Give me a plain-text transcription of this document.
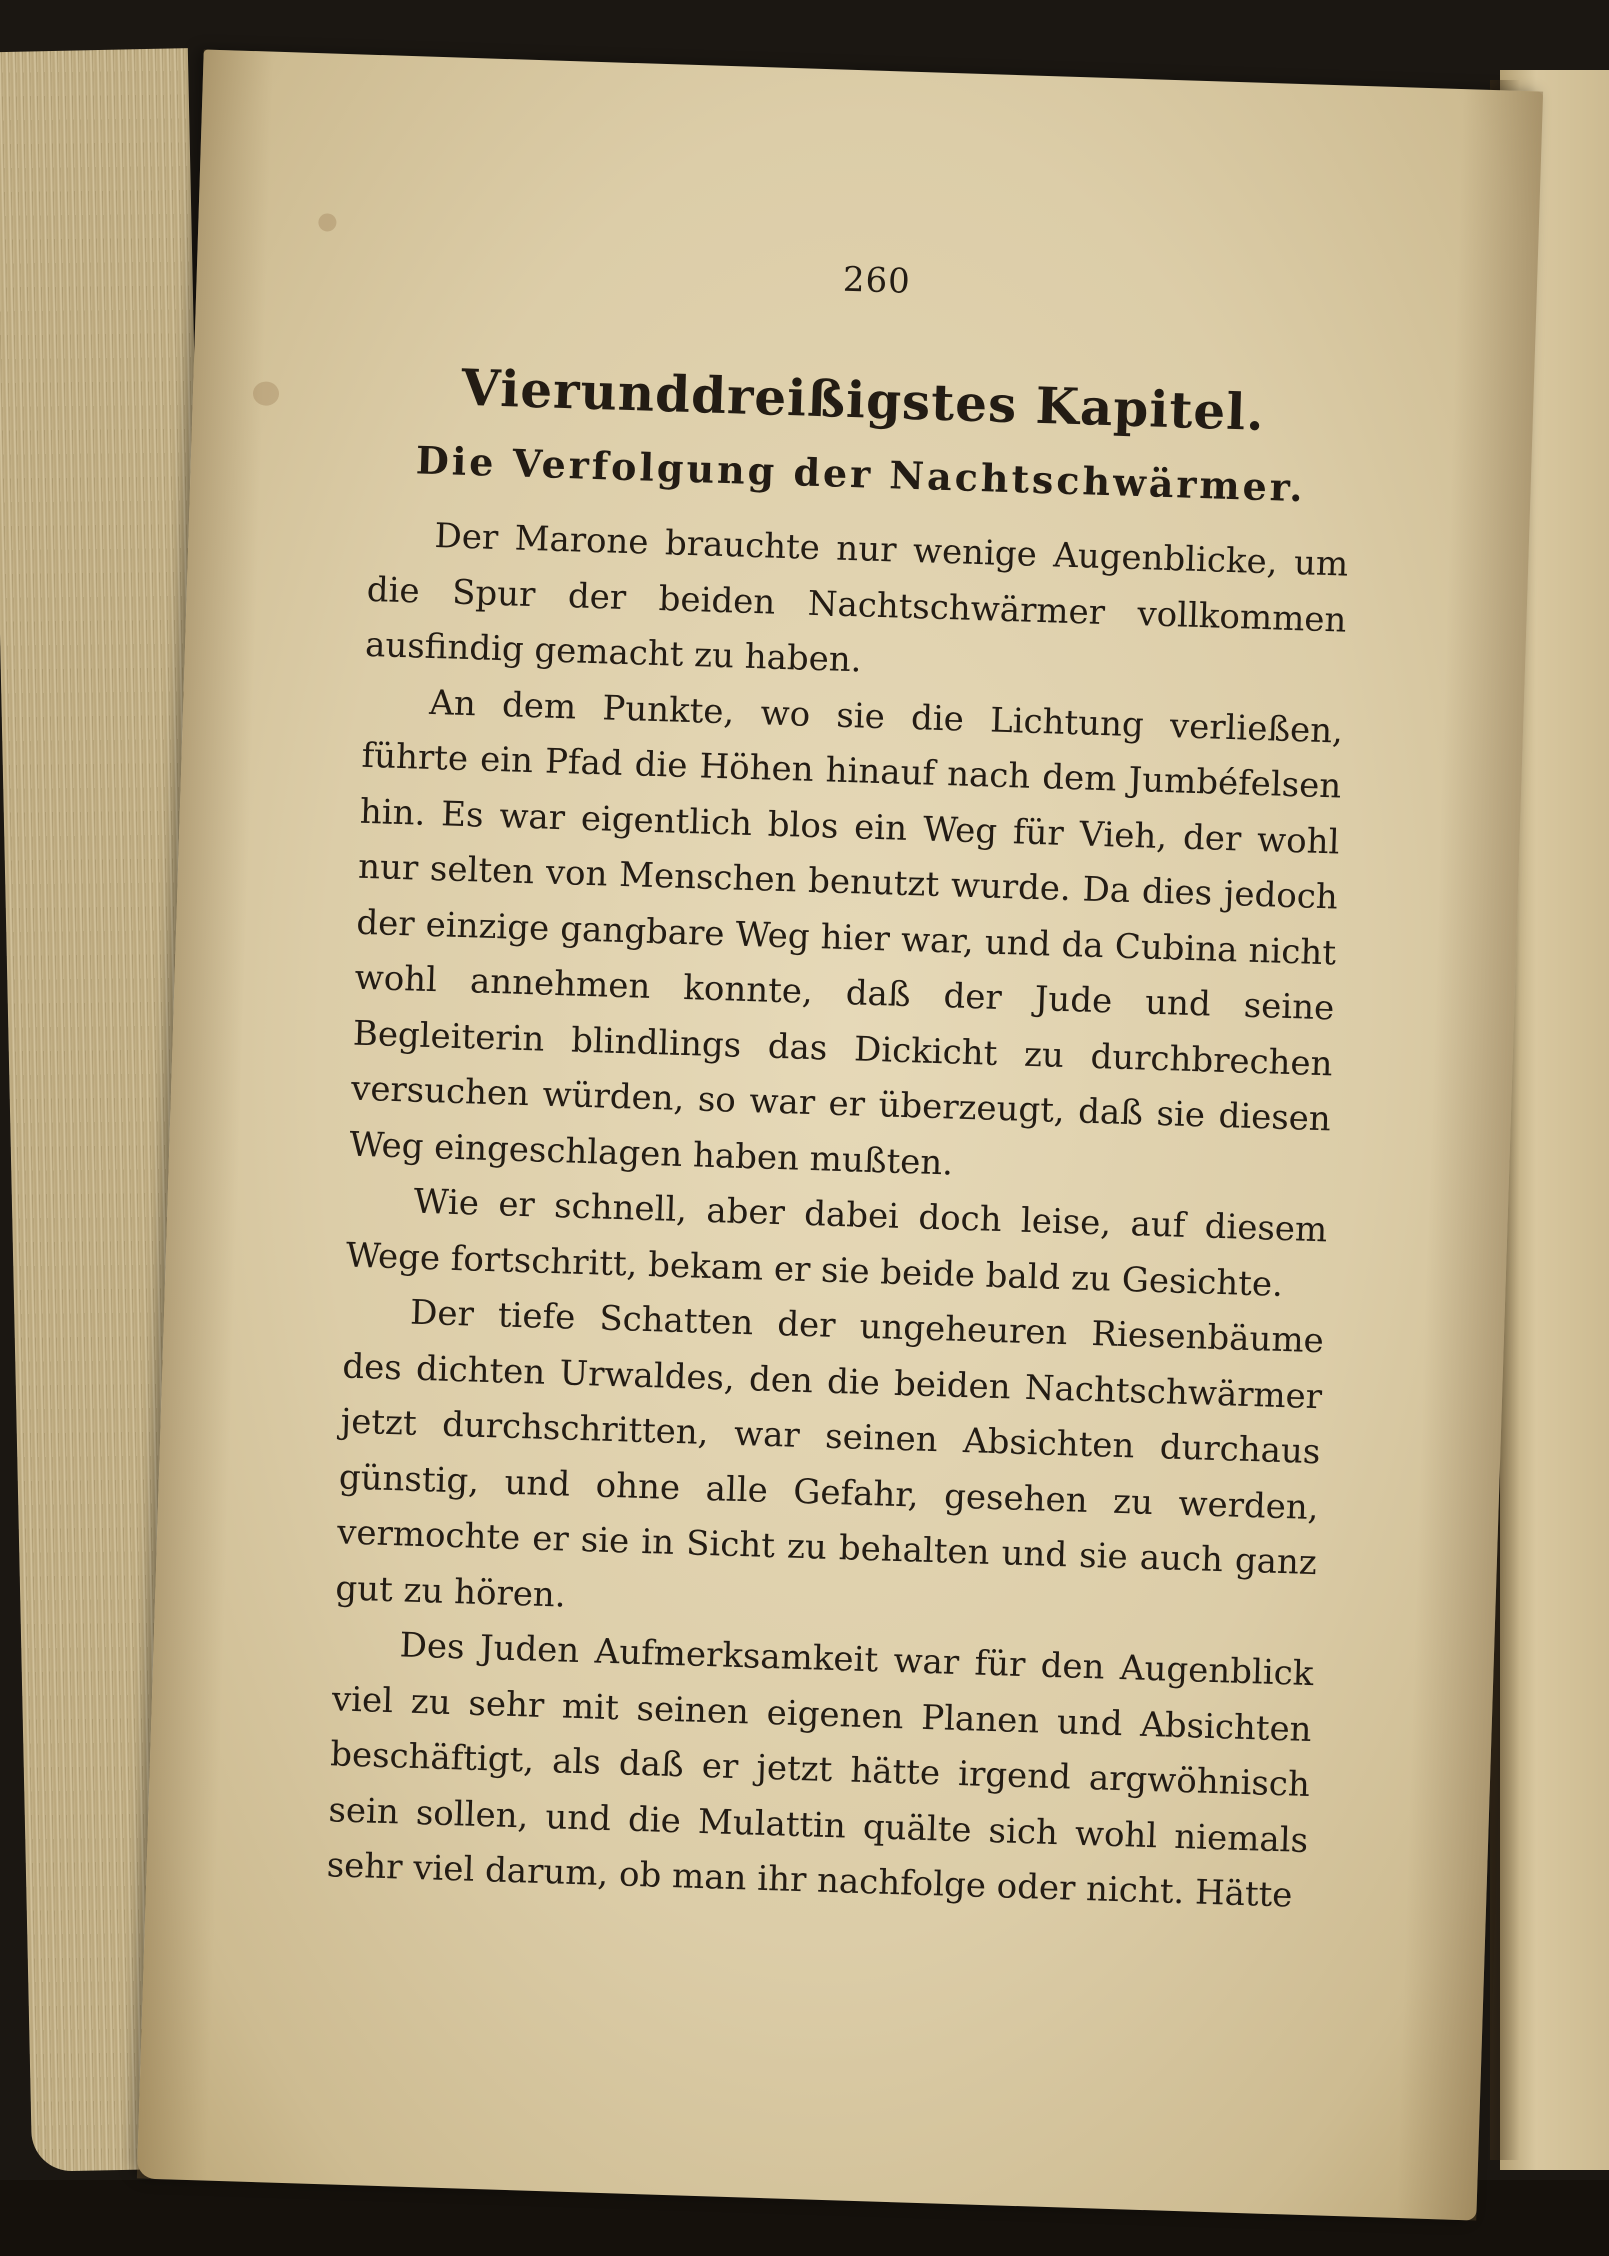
260
Vierunddreißigstes Kapitel.
Die Verfolgung der Nachtschwärmer.

Der Marone brauchte nur wenige Augenblicke, um die Spur der beiden Nachtschwärmer vollkommen ausfindig gemacht zu haben.

An dem Punkte, wo sie die Lichtung verließen, führte ein Pfad die Höhen hinauf nach dem Jumbéfelsen hin. Es war eigentlich blos ein Weg für Vieh, der wohl nur selten von Menschen benutzt wurde. Da dies jedoch der einzige gangbare Weg hier war, und da Cubina nicht wohl annehmen konnte, daß der Jude und seine Begleiterin blindlings das Dickicht zu durchbrechen versuchen würden, so war er überzeugt, daß sie diesen Weg eingeschlagen haben mußten.

Wie er schnell, aber dabei doch leise, auf diesem Wege fortschritt, bekam er sie beide bald zu Gesichte.

Der tiefe Schatten der ungeheuren Riesenbäume des dichten Urwaldes, den die beiden Nachtschwärmer jetzt durchschritten, war seinen Absichten durchaus günstig, und ohne alle Gefahr, gesehen zu werden, vermochte er sie in Sicht zu behalten und sie auch ganz gut zu hören.

Des Juden Aufmerksamkeit war für den Augenblick viel zu sehr mit seinen eigenen Planen und Absichten beschäftigt, als daß er jetzt hätte irgend argwöhnisch sein sollen, und die Mulattin quälte sich wohl niemals sehr viel darum, ob man ihr nachfolge oder nicht. Hätte
